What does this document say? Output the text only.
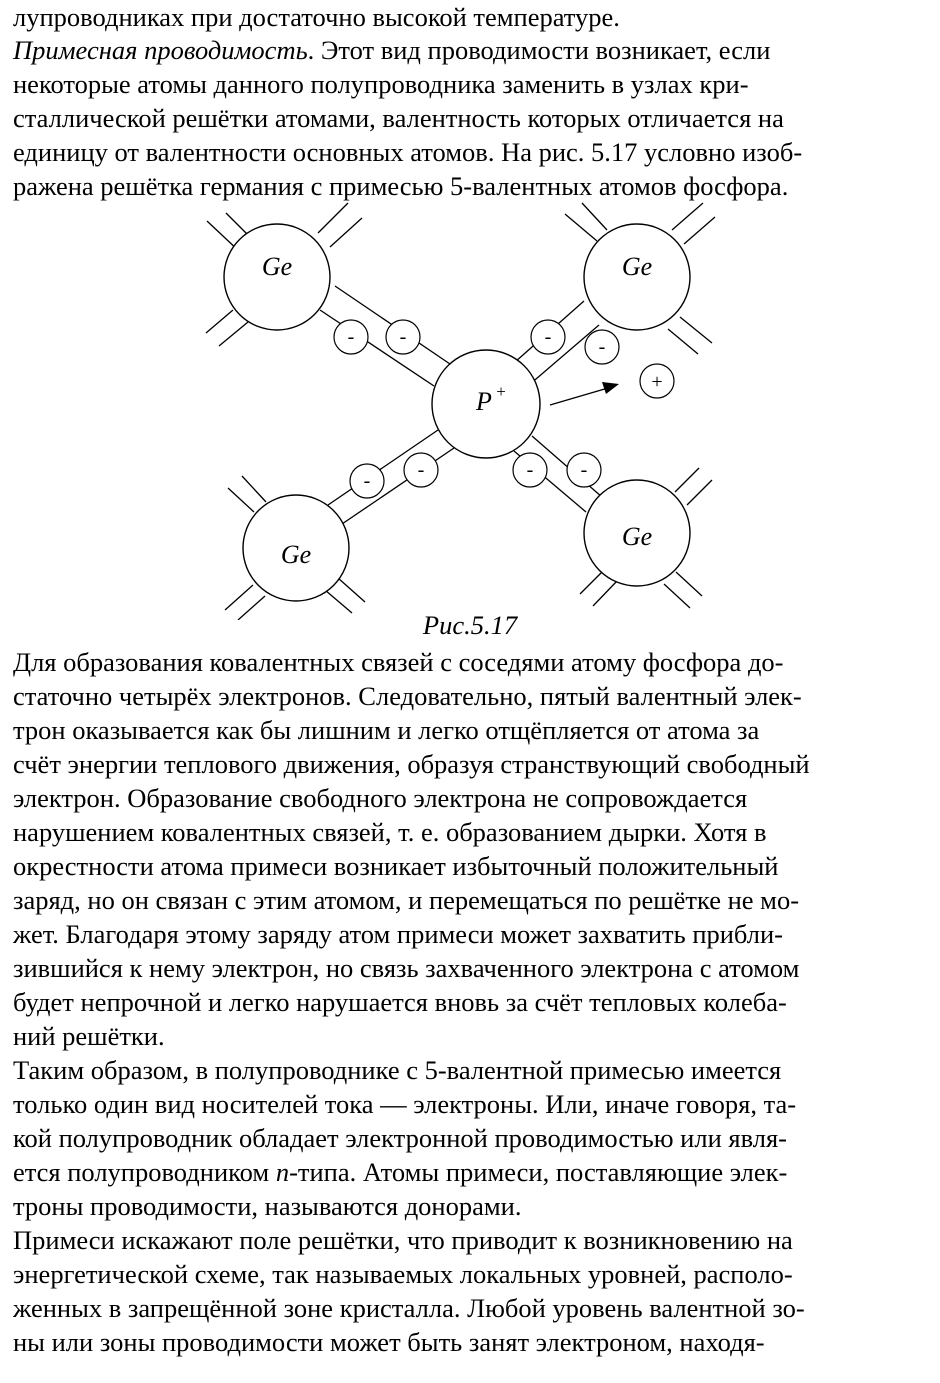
лупроводниках при достаточно высокой температуре.
Примесная проводимость. Этот вид проводимости возникает, если
некоторые атомы данного полупроводника заменить в узлах кри-
сталлической решётки атомами, валентность которых отличается на
единицу от валентности основных атомов. На рис. 5.17 условно изоб-
ражена решётка германия с примесью 5-валентных атомов фосфора.
Ge	Ge
Ge
Ge
P +
- -	- -
- -	- -
+
Рис.5.17
Для образования ковалентных связей с соседями атому фосфора до-
статочно четырёх электронов. Следовательно, пятый валентный элек-
трон оказывается как бы лишним и легко отщёпляется от атома за
счёт энергии теплового движения, образуя странствующий свободный
электрон. Образование свободного электрона не сопровождается
нарушением ковалентных связей, т. е. образованием дырки. Хотя в
окрестности атома примеси возникает избыточный положительный
заряд, но он связан с этим атомом, и перемещаться по решётке не мо-
жет. Благодаря этому заряду атом примеси может захватить прибли-
зившийся к нему электрон, но связь захваченного электрона с атомом
будет непрочной и легко нарушается вновь за счёт тепловых колеба-
ний решётки.
Таким образом, в полупроводнике с 5-валентной примесью имеется
только один вид носителей тока — электроны. Или, иначе говоря, та-
кой полупроводник обладает электронной проводимостью или явля-
ется полупроводником n-типа. Атомы примеси, поставляющие элек-
троны проводимости, называются донорами.
Примеси искажают поле решётки, что приводит к возникновению на
энергетической схеме, так называемых локальных уровней, располо-
женных в запрещённой зоне кристалла. Любой уровень валентной зо-
ны или зоны проводимости может быть занят электроном, находя-
